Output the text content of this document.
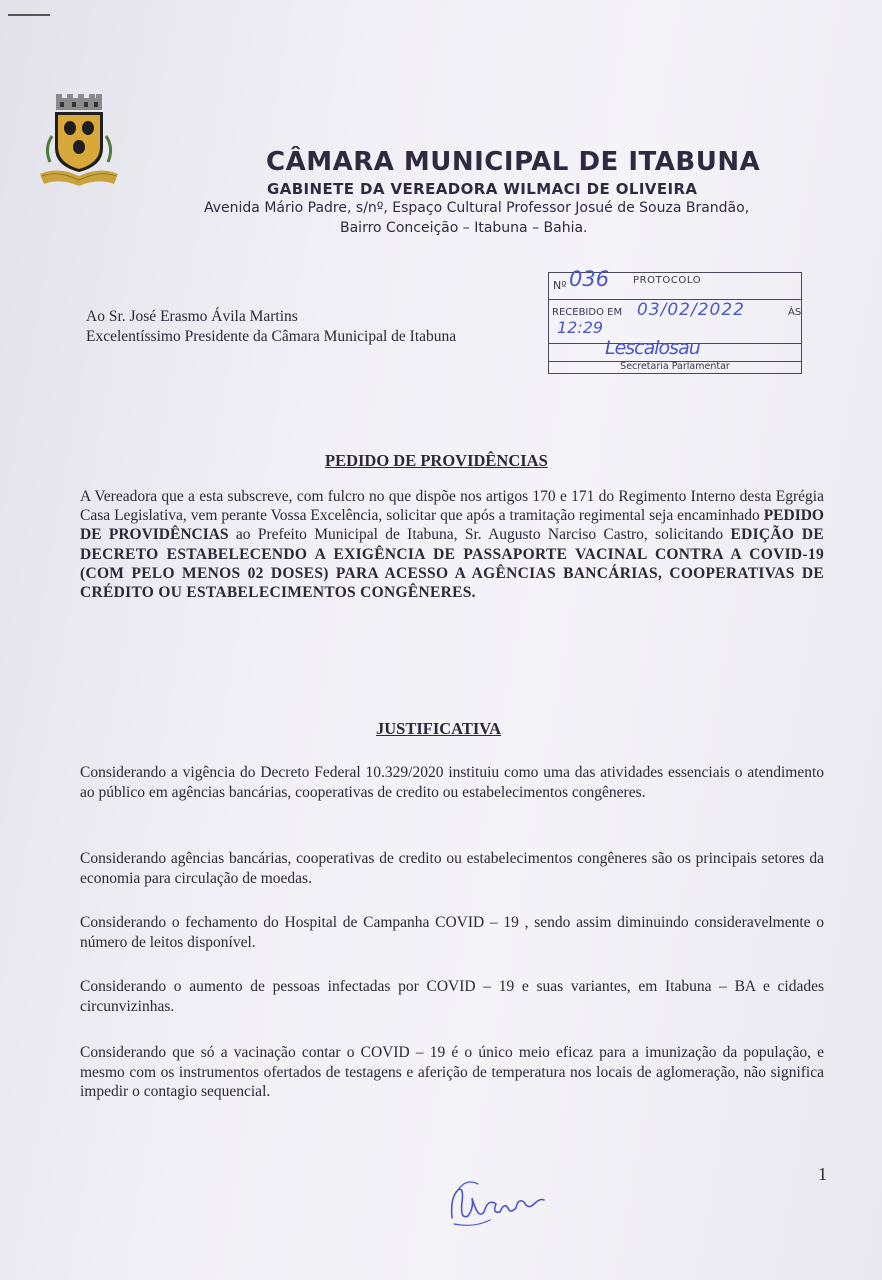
CÂMARA MUNICIPAL DE ITABUNA
GABINETE DA VEREADORA WILMACI DE OLIVEIRA
Avenida Mário Padre, s/nº, Espaço Cultural Professor Josué de Souza Brandão,
Bairro Conceição – Itabuna – Bahia.
Ao Sr. José Erasmo Ávila Martins
Excelentíssimo Presidente da Câmara Municipal de Itabuna
Nº	PROTOCOLO
036
RECEBIDO EM	ÀS
03/02/2022
12:29
Lescalosau
Secretaria Parlamentar
PEDIDO DE PROVIDÊNCIAS
A Vereadora que a esta subscreve, com fulcro no que dispõe nos artigos 170 e 171 do Regimento Interno desta Egrégia Casa Legislativa, vem perante Vossa Excelência, solicitar que após a tramitação regimental seja encaminhado PEDIDO DE PROVIDÊNCIAS ao Prefeito Municipal de Itabuna, Sr. Augusto Narciso Castro, solicitando EDIÇÃO DE DECRETO ESTABELECENDO A EXIGÊNCIA DE PASSAPORTE VACINAL CONTRA A COVID-19 (COM PELO MENOS 02 DOSES) PARA ACESSO A AGÊNCIAS BANCÁRIAS, COOPERATIVAS DE CRÉDITO OU ESTABELECIMENTOS CONGÊNERES.
JUSTIFICATIVA
Considerando a vigência do Decreto Federal 10.329/2020 instituiu como uma das atividades essenciais o atendimento ao público em agências bancárias, cooperativas de credito ou estabelecimentos congêneres.
Considerando agências bancárias, cooperativas de credito ou estabelecimentos congêneres são os principais setores da economia para circulação de moedas.
Considerando o fechamento do Hospital de Campanha COVID – 19 , sendo assim diminuindo consideravelmente o número de leitos disponível.
Considerando o aumento de pessoas infectadas por COVID – 19 e suas variantes, em Itabuna – BA e cidades circunvizinhas.
Considerando que só a vacinação contar o COVID – 19 é o único meio eficaz para a imunização da população, e mesmo com os instrumentos ofertados de testagens e aferição de temperatura nos locais de aglomeração, não significa impedir o contagio sequencial.
1
